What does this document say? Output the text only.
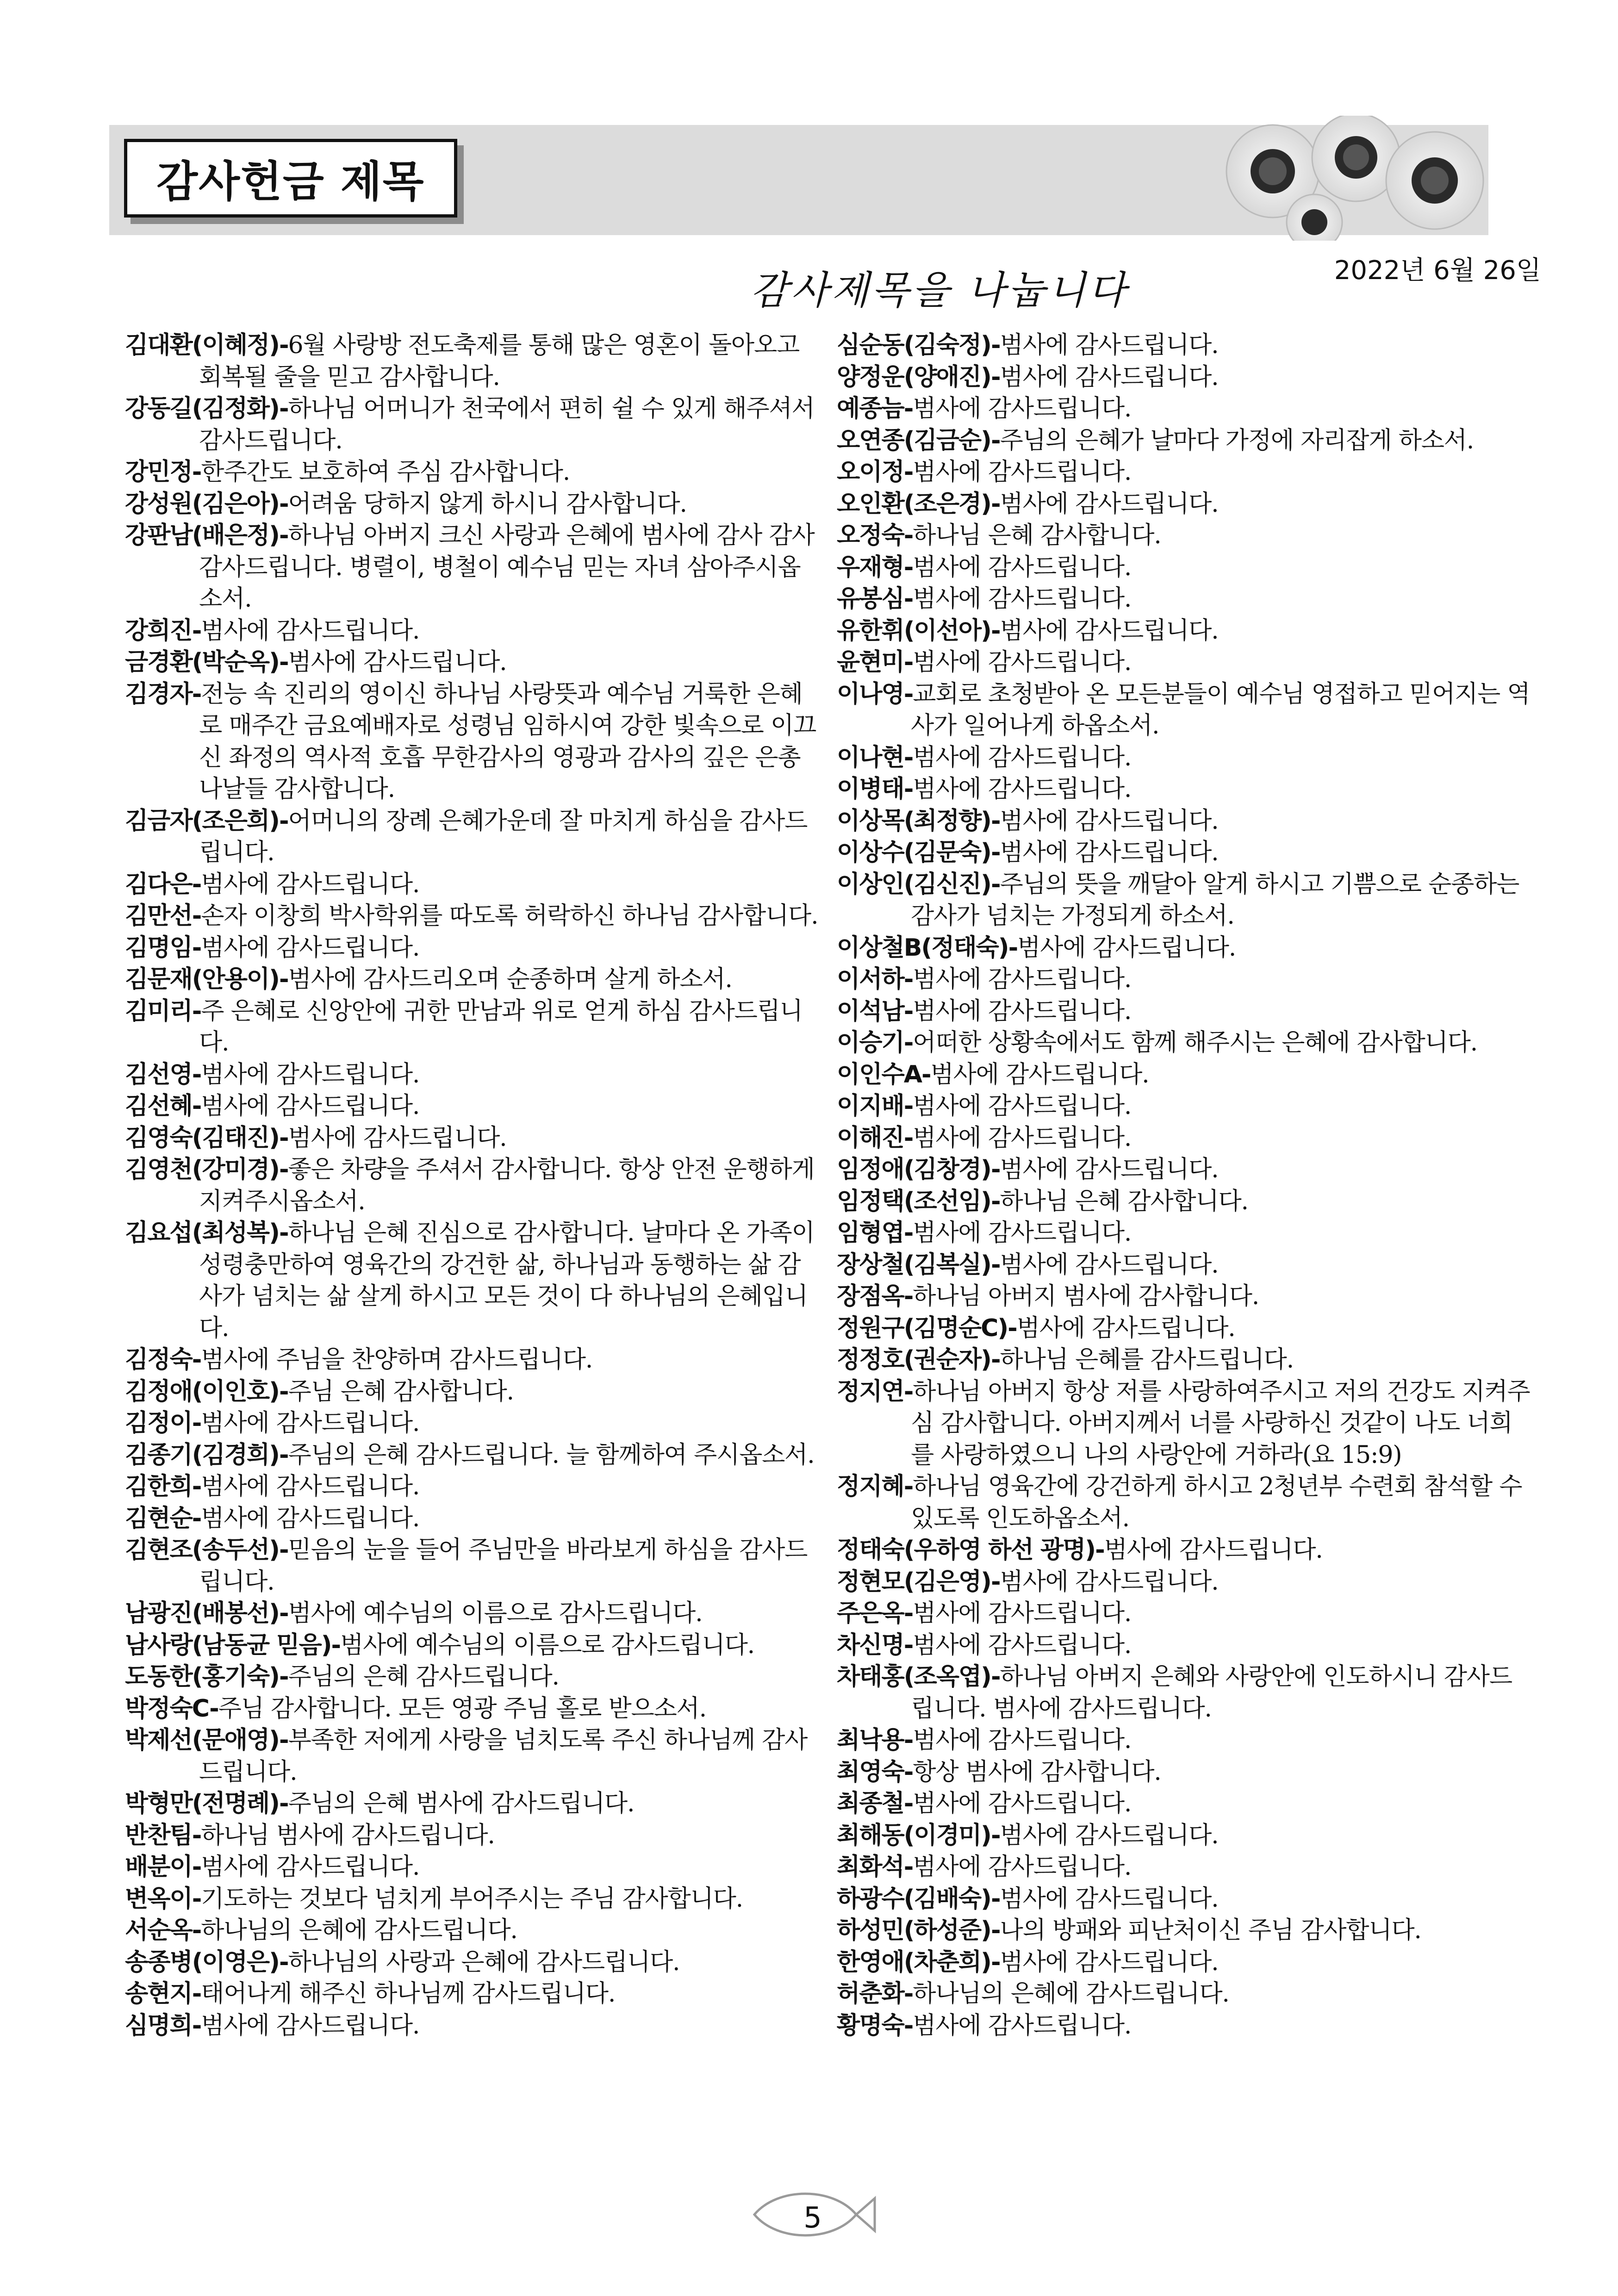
감사헌금 제목
감사제목을 나눕니다	2022년 6월 26일
김대환(이혜정)-6월 사랑방 전도축제를 통해 많은 영혼이 돌아오고 회복될 줄을 믿고 감사합니다.
강동길(김정화)-하나님 어머니가 천국에서 편히 쉴 수 있게 해주셔서 감사드립니다.
강민정-한주간도 보호하여 주심 감사합니다.
강성원(김은아)-어려움 당하지 않게 하시니 감사합니다.
강판남(배은정)-하나님 아버지 크신 사랑과 은혜에 범사에 감사 감사 감사드립니다. 병렬이, 병철이 예수님 믿는 자녀 삼아주시옵소서.
강희진-범사에 감사드립니다.
금경환(박순옥)-범사에 감사드립니다.
김경자-전능 속 진리의 영이신 하나님 사랑뜻과 예수님 거룩한 은혜로 매주간 금요예배자로 성령님 임하시여 강한 빛속으로 이끄신 좌정의 역사적 호흡 무한감사의 영광과 감사의 깊은 은총 나날들 감사합니다.
김금자(조은희)-어머니의 장례 은혜가운데 잘 마치게 하심을 감사드립니다.
김다은-범사에 감사드립니다.
김만선-손자 이창희 박사학위를 따도록 허락하신 하나님 감사합니다.
김명임-범사에 감사드립니다.
김문재(안용이)-범사에 감사드리오며 순종하며 살게 하소서.
김미리-주 은혜로 신앙안에 귀한 만남과 위로 얻게 하심 감사드립니다.
김선영-범사에 감사드립니다.
김선혜-범사에 감사드립니다.
김영숙(김태진)-범사에 감사드립니다.
김영천(강미경)-좋은 차량을 주셔서 감사합니다. 항상 안전 운행하게 지켜주시옵소서.
김요섭(최성복)-하나님 은혜 진심으로 감사합니다. 날마다 온 가족이 성령충만하여 영육간의 강건한 삶, 하나님과 동행하는 삶 감사가 넘치는 삶 살게 하시고 모든 것이 다 하나님의 은혜입니다.
김정숙-범사에 주님을 찬양하며 감사드립니다.
김정애(이인호)-주님 은혜 감사합니다.
김정이-범사에 감사드립니다.
김종기(김경희)-주님의 은혜 감사드립니다. 늘 함께하여 주시옵소서.
김한희-범사에 감사드립니다.
김현순-범사에 감사드립니다.
김현조(송두선)-믿음의 눈을 들어 주님만을 바라보게 하심을 감사드립니다.
남광진(배봉선)-범사에 예수님의 이름으로 감사드립니다.
남사랑(남동균 믿음)-범사에 예수님의 이름으로 감사드립니다.
도동한(홍기숙)-주님의 은혜 감사드립니다.
박정숙C-주님 감사합니다. 모든 영광 주님 홀로 받으소서.
박제선(문애영)-부족한 저에게 사랑을 넘치도록 주신 하나님께 감사드립니다.
박형만(전명례)-주님의 은혜 범사에 감사드립니다.
반찬팀-하나님 범사에 감사드립니다.
배분이-범사에 감사드립니다.
변옥이-기도하는 것보다 넘치게 부어주시는 주님 감사합니다.
서순옥-하나님의 은혜에 감사드립니다.
송종병(이영은)-하나님의 사랑과 은혜에 감사드립니다.
송현지-태어나게 해주신 하나님께 감사드립니다.
심명희-범사에 감사드립니다.
심순동(김숙정)-범사에 감사드립니다.
양정운(양애진)-범사에 감사드립니다.
예종늠-범사에 감사드립니다.
오연종(김금순)-주님의 은혜가 날마다 가정에 자리잡게 하소서.
오이정-범사에 감사드립니다.
오인환(조은경)-범사에 감사드립니다.
오정숙-하나님 은혜 감사합니다.
우재형-범사에 감사드립니다.
유봉심-범사에 감사드립니다.
유한휘(이선아)-범사에 감사드립니다.
윤현미-범사에 감사드립니다.
이나영-교회로 초청받아 온 모든분들이 예수님 영접하고 믿어지는 역사가 일어나게 하옵소서.
이나현-범사에 감사드립니다.
이병태-범사에 감사드립니다.
이상목(최정향)-범사에 감사드립니다.
이상수(김문숙)-범사에 감사드립니다.
이상인(김신진)-주님의 뜻을 깨달아 알게 하시고 기쁨으로 순종하는 감사가 넘치는 가정되게 하소서.
이상철B(정태숙)-범사에 감사드립니다.
이서하-범사에 감사드립니다.
이석남-범사에 감사드립니다.
이승기-어떠한 상황속에서도 함께 해주시는 은혜에 감사합니다.
이인수A-범사에 감사드립니다.
이지배-범사에 감사드립니다.
이해진-범사에 감사드립니다.
임정애(김창경)-범사에 감사드립니다.
임정택(조선임)-하나님 은혜 감사합니다.
임형엽-범사에 감사드립니다.
장상철(김복실)-범사에 감사드립니다.
장점옥-하나님 아버지 범사에 감사합니다.
정원구(김명순C)-범사에 감사드립니다.
정정호(권순자)-하나님 은혜를 감사드립니다.
정지연-하나님 아버지 항상 저를 사랑하여주시고 저의 건강도 지켜주심 감사합니다. 아버지께서 너를 사랑하신 것같이 나도 너희를 사랑하였으니 나의 사랑안에 거하라(요 15:9)
정지혜-하나님 영육간에 강건하게 하시고 2청년부 수련회 참석할 수 있도록 인도하옵소서.
정태숙(우하영 하선 광명)-범사에 감사드립니다.
정현모(김은영)-범사에 감사드립니다.
주은옥-범사에 감사드립니다.
차신명-범사에 감사드립니다.
차태홍(조옥엽)-하나님 아버지 은혜와 사랑안에 인도하시니 감사드립니다. 범사에 감사드립니다.
최낙용-범사에 감사드립니다.
최영숙-항상 범사에 감사합니다.
최종철-범사에 감사드립니다.
최해동(이경미)-범사에 감사드립니다.
최화석-범사에 감사드립니다.
하광수(김배숙)-범사에 감사드립니다.
하성민(하성준)-나의 방패와 피난처이신 주님 감사합니다.
한영애(차춘희)-범사에 감사드립니다.
허춘화-하나님의 은혜에 감사드립니다.
황명숙-범사에 감사드립니다.
5
